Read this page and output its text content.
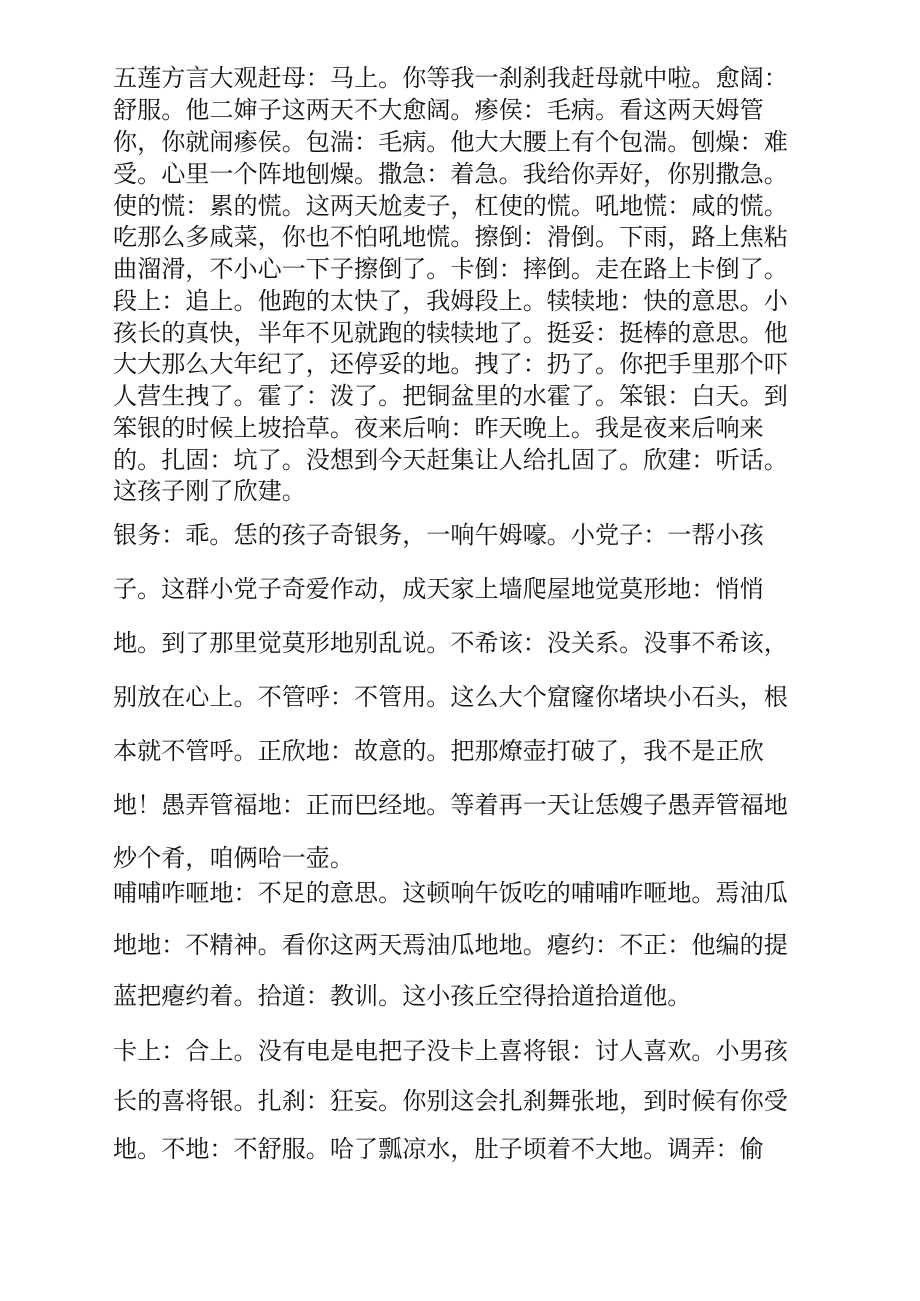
五莲方言大观赶母：马上。你等我一刹刹我赶母就中啦。愈阔：
舒服。他二婶子这两天不大愈阔。瘆侯：毛病。看这两天姆管
你，你就闹瘆侯。包湍：毛病。他大大腰上有个包湍。刨燥：难
受。心里一个阵地刨燥。撒急：着急。我给你弄好，你别撒急。
使的慌：累的慌。这两天尬麦子，杠使的慌。吼地慌：咸的慌。
吃那么多咸菜，你也不怕吼地慌。擦倒：滑倒。下雨，路上焦粘
曲溜滑，不小心一下子擦倒了。卡倒：摔倒。走在路上卡倒了。
段上：追上。他跑的太快了，我姆段上。犊犊地：快的意思。小
孩长的真快，半年不见就跑的犊犊地了。挺妥：挺棒的意思。他
大大那么大年纪了，还停妥的地。拽了：扔了。你把手里那个吓
人营生拽了。霍了：泼了。把铜盆里的水霍了。笨银：白天。到
笨银的时候上坡拾草。夜来后响：昨天晚上。我是夜来后响来
的。扎固：坑了。没想到今天赶集让人给扎固了。欣建：听话。
这孩子刚了欣建。
银务：乖。恁的孩子奇银务，一响午姆嚎。小党子：一帮小孩
子。这群小党子奇爱作动，成天家上墙爬屋地觉莫形地：悄悄
地。到了那里觉莫形地别乱说。不希该：没关系。没事不希该，
别放在心上。不管呼：不管用。这么大个窟窿你堵块小石头，根
本就不管呼。正欣地：故意的。把那燎壶打破了，我不是正欣
地！愚弄管福地：正而巴经地。等着再一天让恁嫂子愚弄管福地
炒个肴，咱俩哈一壶。
哺哺咋咂地：不足的意思。这顿响午饭吃的哺哺咋咂地。焉油瓜
地地：不精神。看你这两天焉油瓜地地。瘪约：不正：他编的提
蓝把瘪约着。拾道：教训。这小孩丘空得拾道拾道他。
卡上：合上。没有电是电把子没卡上喜将银：讨人喜欢。小男孩
长的喜将银。扎刹：狂妄。你别这会扎刹舞张地，到时候有你受
地。不地：不舒服。哈了瓢凉水，肚子顷着不大地。调弄：偷
